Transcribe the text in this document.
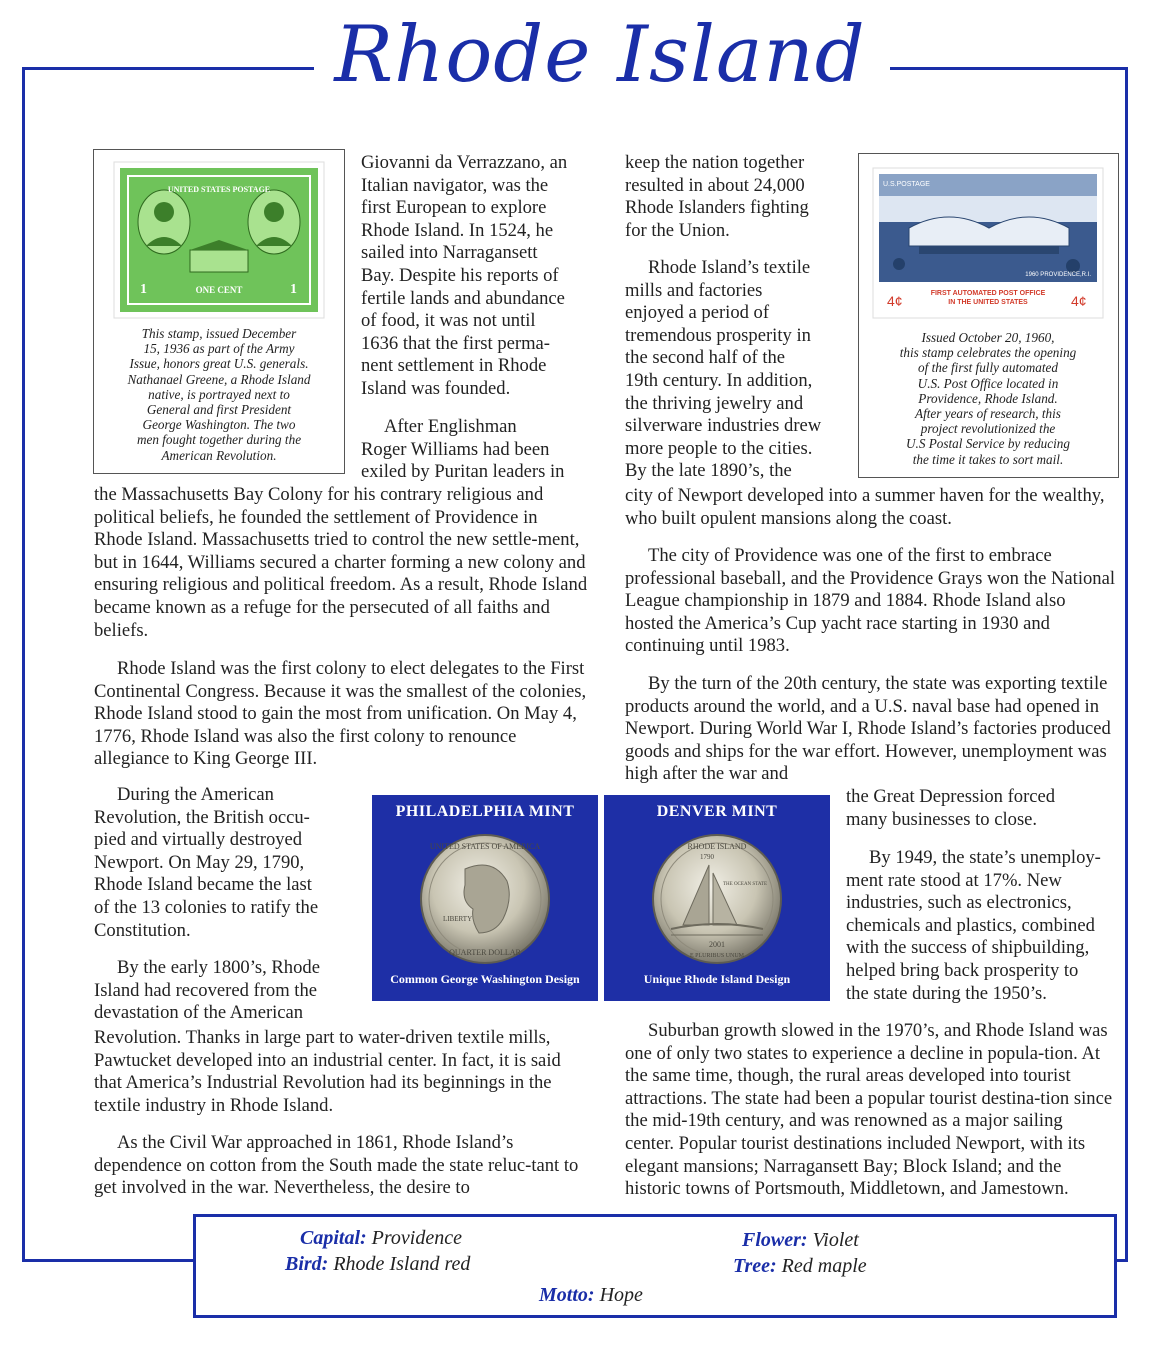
Rhode Island
UNITED STATES POSTAGE
1	1
ONE CENT
This stamp, issued December
15, 1936 as part of the Army
Issue, honors great U.S. generals.
Nathanael Greene, a Rhode Island
native, is portrayed next to
General and first President
George Washington. The two
men fought together during the
American Revolution.
U.S.POSTAGE
1960 PROVIDENCE,R.I.
4¢	4¢
FIRST AUTOMATED POST OFFICE
IN THE UNITED STATES
Issued October 20, 1960,
this stamp celebrates the opening
of the first fully automated
U.S. Post Office located in
Providence, Rhode Island.
After years of research, this
project revolutionized the
U.S Postal Service by reducing
the time it takes to sort mail.
Giovanni da Verrazzano, an
Italian navigator, was the
first European to explore
Rhode Island. In 1524, he
sailed into Narragansett
Bay. Despite his reports of
fertile lands and abundance
of food, it was not until
1636 that the first perma-
nent settlement in Rhode
Island was founded.
After Englishman
Roger Williams had been
exiled by Puritan leaders in

the Massachusetts Bay Colony for his contrary religious and political beliefs, he founded the settlement of Providence in Rhode Island. Massachusetts tried to control the new settle-ment, but in 1644, Williams secured a charter forming a new colony and ensuring religious and political freedom. As a result, Rhode Island became known as a refuge for the persecuted of all faiths and beliefs.

Rhode Island was the first colony to elect delegates to the First Continental Congress. Because it was the smallest of the colonies, Rhode Island stood to gain the most from unification. On May 4, 1776, Rhode Island was also the first colony to renounce allegiance to King George III.

During the American
Revolution, the British occu-
pied and virtually destroyed
Newport. On May 29, 1790,
Rhode Island became the last
of the 13 colonies to ratify the
Constitution.
By the early 1800’s, Rhode
Island had recovered from the
devastation of the American

Revolution. Thanks in large part to water-driven textile mills, Pawtucket developed into an industrial center. In fact, it is said that America’s Industrial Revolution had its beginnings in the textile industry in Rhode Island.

As the Civil War approached in 1861, Rhode Island’s dependence on cotton from the South made the state reluc-tant to get involved in the war. Nevertheless, the desire to

keep the nation together
resulted in about 24,000
Rhode Islanders fighting
for the Union.
Rhode Island’s textile
mills and factories
enjoyed a period of
tremendous prosperity in
the second half of the
19th century. In addition,
the thriving jewelry and
silverware industries drew
more people to the cities.
By the late 1890’s, the

city of Newport developed into a summer haven for the wealthy, who built opulent mansions along the coast.

The city of Providence was one of the first to embrace professional baseball, and the Providence Grays won the National League championship in 1879 and 1884. Rhode Island also hosted the America’s Cup yacht race starting in 1930 and continuing until 1983.

By the turn of the 20th century, the state was exporting textile products around the world, and a U.S. naval base had opened in Newport. During World War I, Rhode Island’s factories produced goods and ships for the war effort. However, unemployment was high after the war and

the Great Depression forced
many businesses to close.
By 1949, the state’s unemploy-
ment rate stood at 17%. New
industries, such as electronics,
chemicals and plastics, combined
with the success of shipbuilding,
helped bring back prosperity to
the state during the 1950’s.

Suburban growth slowed in the 1970’s, and Rhode Island was one of only two states to experience a decline in popula-tion. At the same time, though, the rural areas developed into tourist attractions. The state had been a popular tourist destina-tion since the mid-19th century, and was renowned as a major sailing center. Popular tourist destinations included Newport, with its elegant mansions; Narragansett Bay; Block Island; and the historic towns of Portsmouth, Middletown, and Jamestown.

PHILADELPHIA MINT
UNITED STATES OF AMERICA
LIBERTY
QUARTER DOLLAR
Common George Washington Design
DENVER MINT
RHODE ISLAND
1790
THE OCEAN STATE
2001
E PLURIBUS UNUM
Unique Rhode Island Design
Capital: Providence
Bird: Rhode Island red
Flower: Violet
Tree: Red maple
Motto: Hope
